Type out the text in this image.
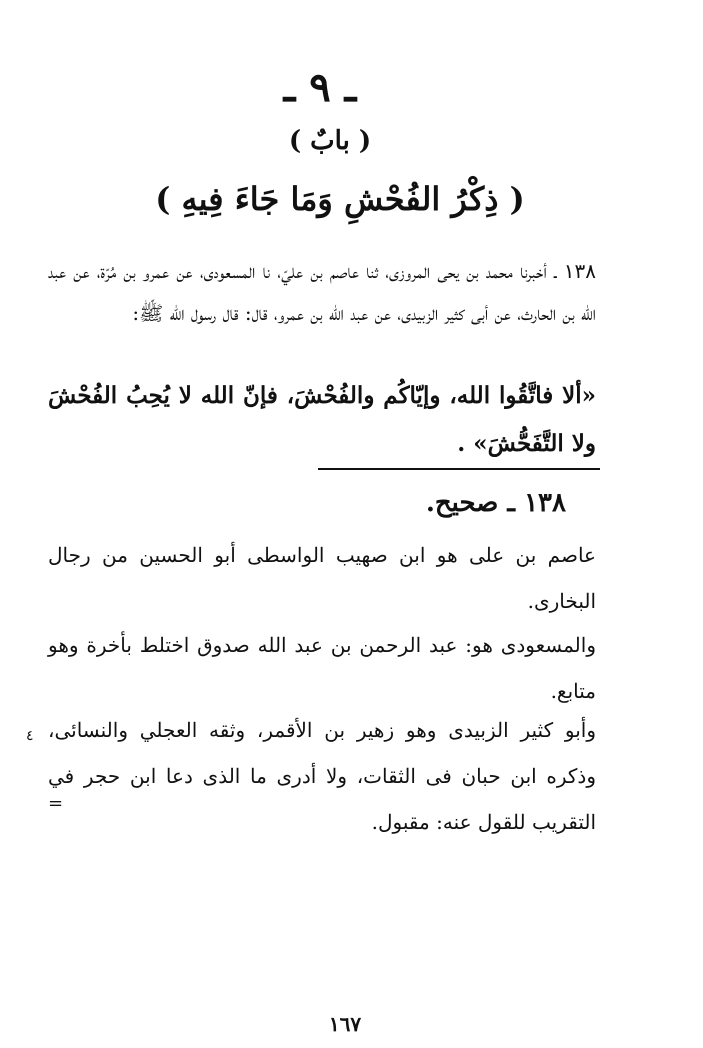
ـ ٩ ـ
( بابٌ )
( ذِكْرُ الفُحْشِ وَمَا جَاءَ فِيهِ )
١٣٨ ـ أخبرنا محمد بن يحى المروزى، ثنا عاصم بن عليّ، نا المسعودى، عن عمرو بن مُرّة، عن عبد الله بن الحارث، عن أبى كثير الزبيدى، عن عبد الله بن عمرو، قال: قال رسول الله ﷺ:
«ألا فاتَّقُوا الله، وإيّاكُم والفُحْشَ، فإنّ الله لا يُحِبُ الفُحْشَ ولا التَّفَحُّشَ» .
١٣٨ ـ صحيح.
عاصم بن على هو ابن صهيب الواسطى أبو الحسين من رجال البخارى.
والمسعودى هو: عبد الرحمن بن عبد الله صدوق اختلط بأخرة وهو متابع.
وأبو كثير الزبيدى وهو زهير بن الأقمر، وثقه العجلي والنسائى، وذكره ابن حبان فى الثقات، ولا أدرى ما الذى دعا ابن حجر في التقريب للقول عنه: مقبول.
٤
=
١٦٧
